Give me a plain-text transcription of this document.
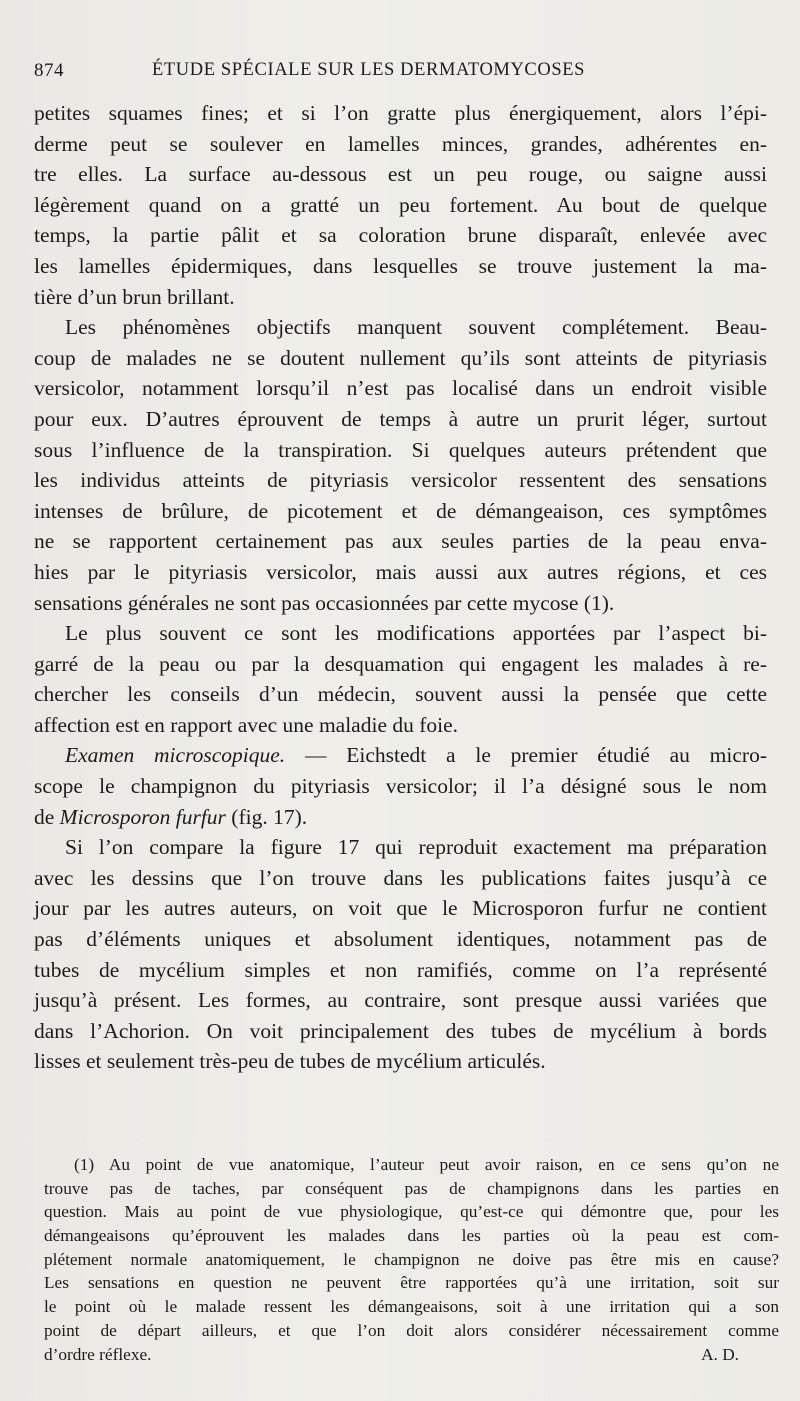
874	ÉTUDE SPÉCIALE SUR LES DERMATOMYCOSES
petites squames fines; et si l’on gratte plus énergiquement, alors l’épi-
derme peut se soulever en lamelles minces, grandes, adhérentes en-
tre elles. La surface au-dessous est un peu rouge, ou saigne aussi
légèrement quand on a gratté un peu fortement. Au bout de quelque
temps, la partie pâlit et sa coloration brune disparaît, enlevée avec
les lamelles épidermiques, dans lesquelles se trouve justement la ma-
tière d’un brun brillant.
Les phénomènes objectifs manquent souvent complétement. Beau-
coup de malades ne se doutent nullement qu’ils sont atteints de pityriasis
versicolor, notamment lorsqu’il n’est pas localisé dans un endroit visible
pour eux. D’autres éprouvent de temps à autre un prurit léger, surtout
sous l’influence de la transpiration. Si quelques auteurs prétendent que
les individus atteints de pityriasis versicolor ressentent des sensations
intenses de brûlure, de picotement et de démangeaison, ces symptômes
ne se rapportent certainement pas aux seules parties de la peau enva-
hies par le pityriasis versicolor, mais aussi aux autres régions, et ces
sensations générales ne sont pas occasionnées par cette mycose (1).
Le plus souvent ce sont les modifications apportées par l’aspect bi-
garré de la peau ou par la desquamation qui engagent les malades à re-
chercher les conseils d’un médecin, souvent aussi la pensée que cette
affection est en rapport avec une maladie du foie.
Examen microscopique. — Eichstedt a le premier étudié au micro-
scope le champignon du pityriasis versicolor; il l’a désigné sous le nom
de Microsporon furfur (fig. 17).
Si l’on compare la figure 17 qui reproduit exactement ma préparation
avec les dessins que l’on trouve dans les publications faites jusqu’à ce
jour par les autres auteurs, on voit que le Microsporon furfur ne contient
pas d’éléments uniques et absolument identiques, notamment pas de
tubes de mycélium simples et non ramifiés, comme on l’a représenté
jusqu’à présent. Les formes, au contraire, sont presque aussi variées que
dans l’Achorion. On voit principalement des tubes de mycélium à bords
lisses et seulement très-peu de tubes de mycélium articulés.
(1) Au point de vue anatomique, l’auteur peut avoir raison, en ce sens qu’on ne
trouve pas de taches, par conséquent pas de champignons dans les parties en
question. Mais au point de vue physiologique, qu’est-ce qui démontre que, pour les
démangeaisons qu’éprouvent les malades dans les parties où la peau est com-
plétement normale anatomiquement, le champignon ne doive pas être mis en cause?
Les sensations en question ne peuvent être rapportées qu’à une irritation, soit sur
le point où le malade ressent les démangeaisons, soit à une irritation qui a son
point de départ ailleurs, et que l’on doit alors considérer nécessairement comme
d’ordre réflexe.	A. D.
